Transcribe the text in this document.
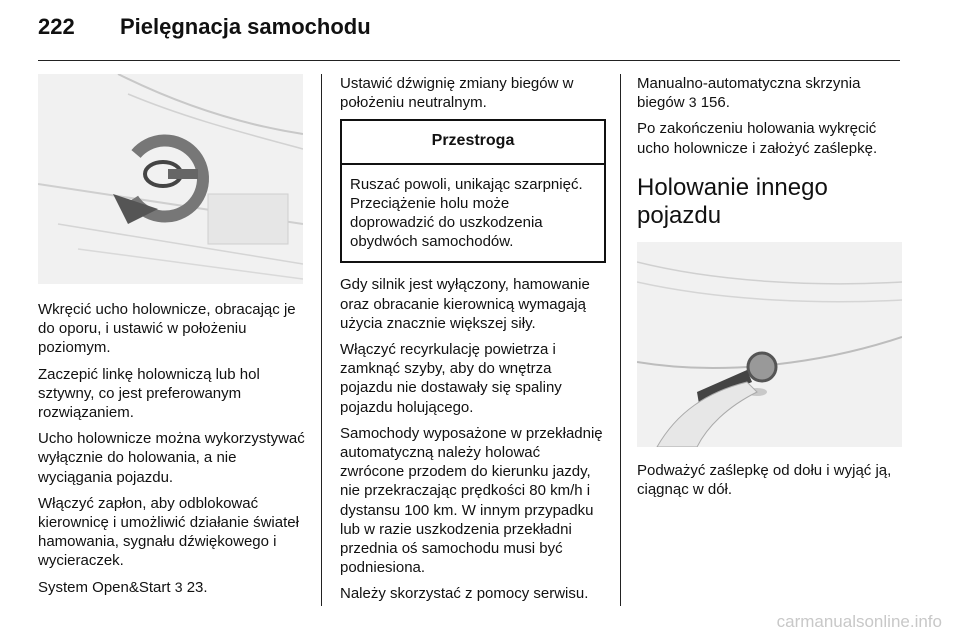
222 Pielęgnacja samochodu

Wkręcić ucho holownicze, obracając je do oporu, i ustawić w położeniu poziomym.

Zaczepić linkę holowniczą lub hol sztywny, co jest preferowanym rozwiązaniem.

Ucho holownicze można wykorzystywać wyłącznie do holowania, a nie wyciągania pojazdu.

Włączyć zapłon, aby odblokować kierownicę i umożliwić działanie świateł hamowania, sygnału dźwiękowego i wycieraczek.

System Open&Start 3 23.

Ustawić dźwignię zmiany biegów w położeniu neutralnym.

Przestroga
Ruszać powoli, unikając szarpnięć. Przeciążenie holu może doprowadzić do uszkodzenia obydwóch samochodów.

Gdy silnik jest wyłączony, hamowanie oraz obracanie kierownicą wymagają użycia znacznie większej siły.

Włączyć recyrkulację powietrza i zamknąć szyby, aby do wnętrza pojazdu nie dostawały się spaliny pojazdu holującego.

Samochody wyposażone w przekładnię automatyczną należy holować zwrócone przodem do kierunku jazdy, nie przekraczając prędkości 80 km/h i dystansu 100 km. W innym przypadku lub w razie uszkodzenia przekładni przednia oś samochodu musi być podniesiona.

Należy skorzystać z pomocy serwisu.

Manualno-automatyczna skrzynia biegów 3 156.

Po zakończeniu holowania wykręcić ucho holownicze i założyć zaślepkę.

Holowanie innego pojazdu

Podważyć zaślepkę od dołu i wyjąć ją, ciągnąc w dół.

carmanualsonline.info
